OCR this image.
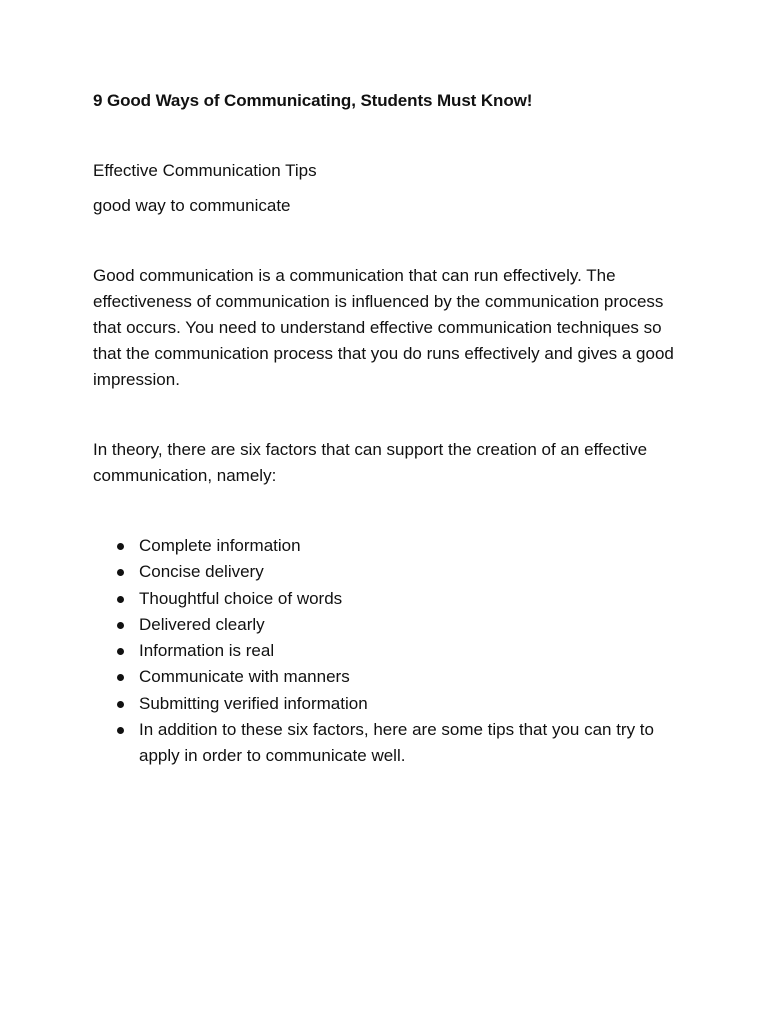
9 Good Ways of Communicating, Students Must Know!

Effective Communication Tips

good way to communicate

Good communication is a communication that can run effectively. The effectiveness of communication is influenced by the communication process that occurs. You need to understand effective communication techniques so that the communication process that you do runs effectively and gives a good impression.

In theory, there are six factors that can support the creation of an effective communication, namely:

Complete information
Concise delivery
Thoughtful choice of words
Delivered clearly
Information is real
Communicate with manners
Submitting verified information
In addition to these six factors, here are some tips that you can try to apply in order to communicate well.
